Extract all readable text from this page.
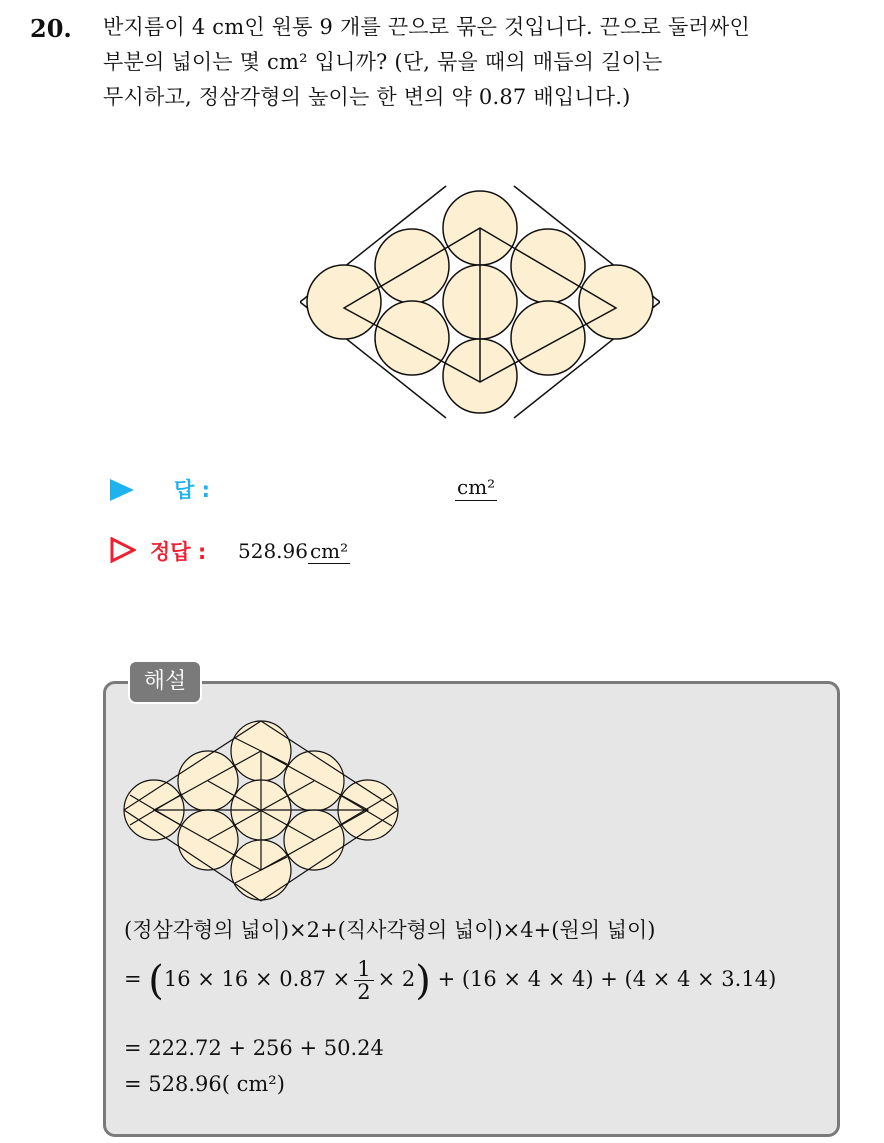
20. 반지름이 4 cm인 원통 9 개를 끈으로 묶은 것입니다. 끈으로 둘러싸인
부분의 넓이는 몇 cm² 입니까? (단, 묶을 때의 매듭의 길이는
무시하고, 정삼각형의 높이는 한 변의 약 0.87 배입니다.)
답 :	cm²
정답 : 528.96 cm²
해설
(정삼각형의 넓이)×2+(직사각형의 넓이)×4+(원의 넓이)
= $(16 \times 16 \times 0.87 \times \frac{1}{2} \times 2) + (16 \times 4 \times 4) + (4 \times 4 \times 3.14)$
= 222.72 + 256 + 50.24
= 528.96( cm²)
